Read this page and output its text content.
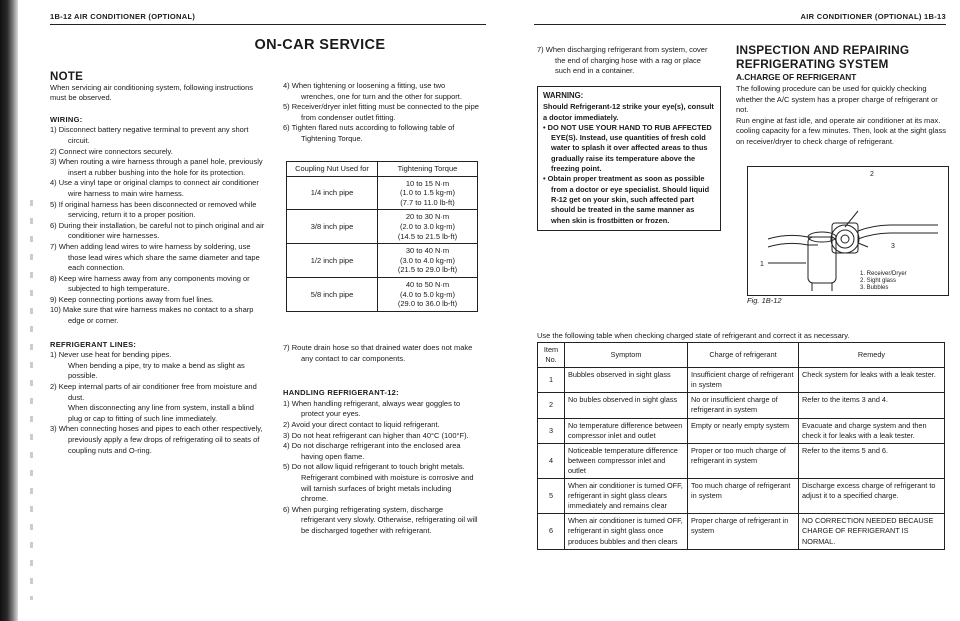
1B-12 AIR CONDITIONER (OPTIONAL)
ON-CAR SERVICE

NOTE

When servicing air conditioning system, following instructions must be observed.

WIRING:

1) Disconnect battery negative terminal to prevent any short circuit.

2) Connect wire connectors securely.

3) When routing a wire harness through a panel hole, previously insert a rubber bushing into the hole for its protection.

4) Use a vinyl tape or original clamps to connect air conditioner wire harness to main wire harness.

5) If original harness has been disconnected or removed while servicing, return it to a proper position.

6) During their installation, be careful not to pinch original and air conditioner wire harnesses.

7) When adding lead wires to wire harness by soldering, use those lead wires which share the same diameter and tape each connection.

8) Keep wire harness away from any components moving or subjected to high temperature.

9) Keep connecting portions away from fuel lines.

10) Make sure that wire harness makes no contact to a sharp edge or corner.

REFRIGERANT LINES:

1) Never use heat for bending pipes.

When bending a pipe, try to make a bend as slight as possible.

2) Keep internal parts of air conditioner free from moisture and dust.

When disconnecting any line from system, install a blind plug or cap to fitting of such line immediately.

3) When connecting hoses and pipes to each other respectively, previously apply a few drops of refrigerating oil to seats of coupling nuts and O-ring.

4) When tightening or loosening a fitting, use two wrenches, one for turn and the other for support.

5) Receiver/dryer inlet fitting must be connected to the pipe from condenser outlet fitting.

6) Tighten flared nuts according to following table of Tightening Torque.

Coupling Nut Used for	Tightening Torque
1/4 inch pipe	10 to 15 N·m
(1.0 to 1.5 kg-m)
(7.7 to 11.0 lb-ft)

3/8 inch pipe	20 to 30 N·m
(2.0 to 3.0 kg-m)
(14.5 to 21.5 lb-ft)

1/2 inch pipe	30 to 40 N·m
(3.0 to 4.0 kg-m)
(21.5 to 29.0 lb-ft)

5/8 inch pipe	40 to 50 N·m
(4.0 to 5.0 kg-m)
(29.0 to 36.0 lb-ft)

7) Route drain hose so that drained water does not make any contact to car components.

HANDLING REFRIGERANT-12:

1) When handling refrigerant, always wear goggles to protect your eyes.

2) Avoid your direct contact to liquid refrigerant.

3) Do not heat refrigerant can higher than 40°C (100°F).

4) Do not discharge refrigerant into the enclosed area having open flame.

5) Do not allow liquid refrigerant to touch bright metals. Refrigerant combined with moisture is corrosive and will tarnish surfaces of bright metals including chrome.

6) When purging refrigerating system, discharge refrigerant very slowly. Otherwise, refrigerating oil will be discharged together with refrigerant.

AIR CONDITIONER (OPTIONAL) 1B-13

7) When discharging refrigerant from system, cover the end of charging hose with a rag or place such end in a container.

WARNING:
Should Refrigerant-12 strike your eye(s), consult a doctor immediately.
• DO NOT USE YOUR HAND TO RUB AFFECTED EYE(S). Instead, use quantities of fresh cold water to splash it over affected areas to thus gradually raise its temperature above the freezing point.
• Obtain proper treatment as soon as possible from a doctor or eye specialist. Should liquid R-12 get on your skin, such affected part should be treated in the same manner as when skin is frostbitten or frozen.
INSPECTION AND REPAIRING
REFRIGERATING SYSTEM
A.CHARGE OF REFRIGERANT

The following procedure can be used for quickly checking whether the A/C system has a proper charge of refrigerant or not.

Run engine at fast idle, and operate air conditioner at its max. cooling capacity for a few minutes. Then, look at the sight glass on receiver/dryer to check charge of refrigerant.

2
3
1
1. Receiver/Dryer
2. Sight glass
3. Bubbles
Fig. 1B-12
Use the following table when checking charged state of refrigerant and correct it as necessary.
Item No.	Symptom	Charge of refrigerant	Remedy
1	Bubbles observed in sight glass	Insufficient charge of refrigerant in system	Check system for leaks with a leak tester.
2	No bubles observed in sight glass	No or insufficient charge of refrigerant in system	Refer to the items 3 and 4.
3	No temperature difference between compressor inlet and outlet	Empty or nearly empty system	Evacuate and charge system and then check it for leaks with a leak tester.
4	Noticeable temperature difference between compressor inlet and outlet	Proper or too much charge of refrigerant in system	Refer to the items 5 and 6.
5	When air conditioner is turned OFF, refrigerant in sight glass clears immediately and remains clear	Too much charge of refrigerant in system	Discharge excess charge of refrigerant to adjust it to a specified charge.
6	When air conditioner is turned OFF, refrigerant in sight glass once produces bubbles and then clears	Proper charge of refrigerant in system	NO CORRECTION NEEDED BECAUSE CHARGE OF REFRIGERANT IS NORMAL.
